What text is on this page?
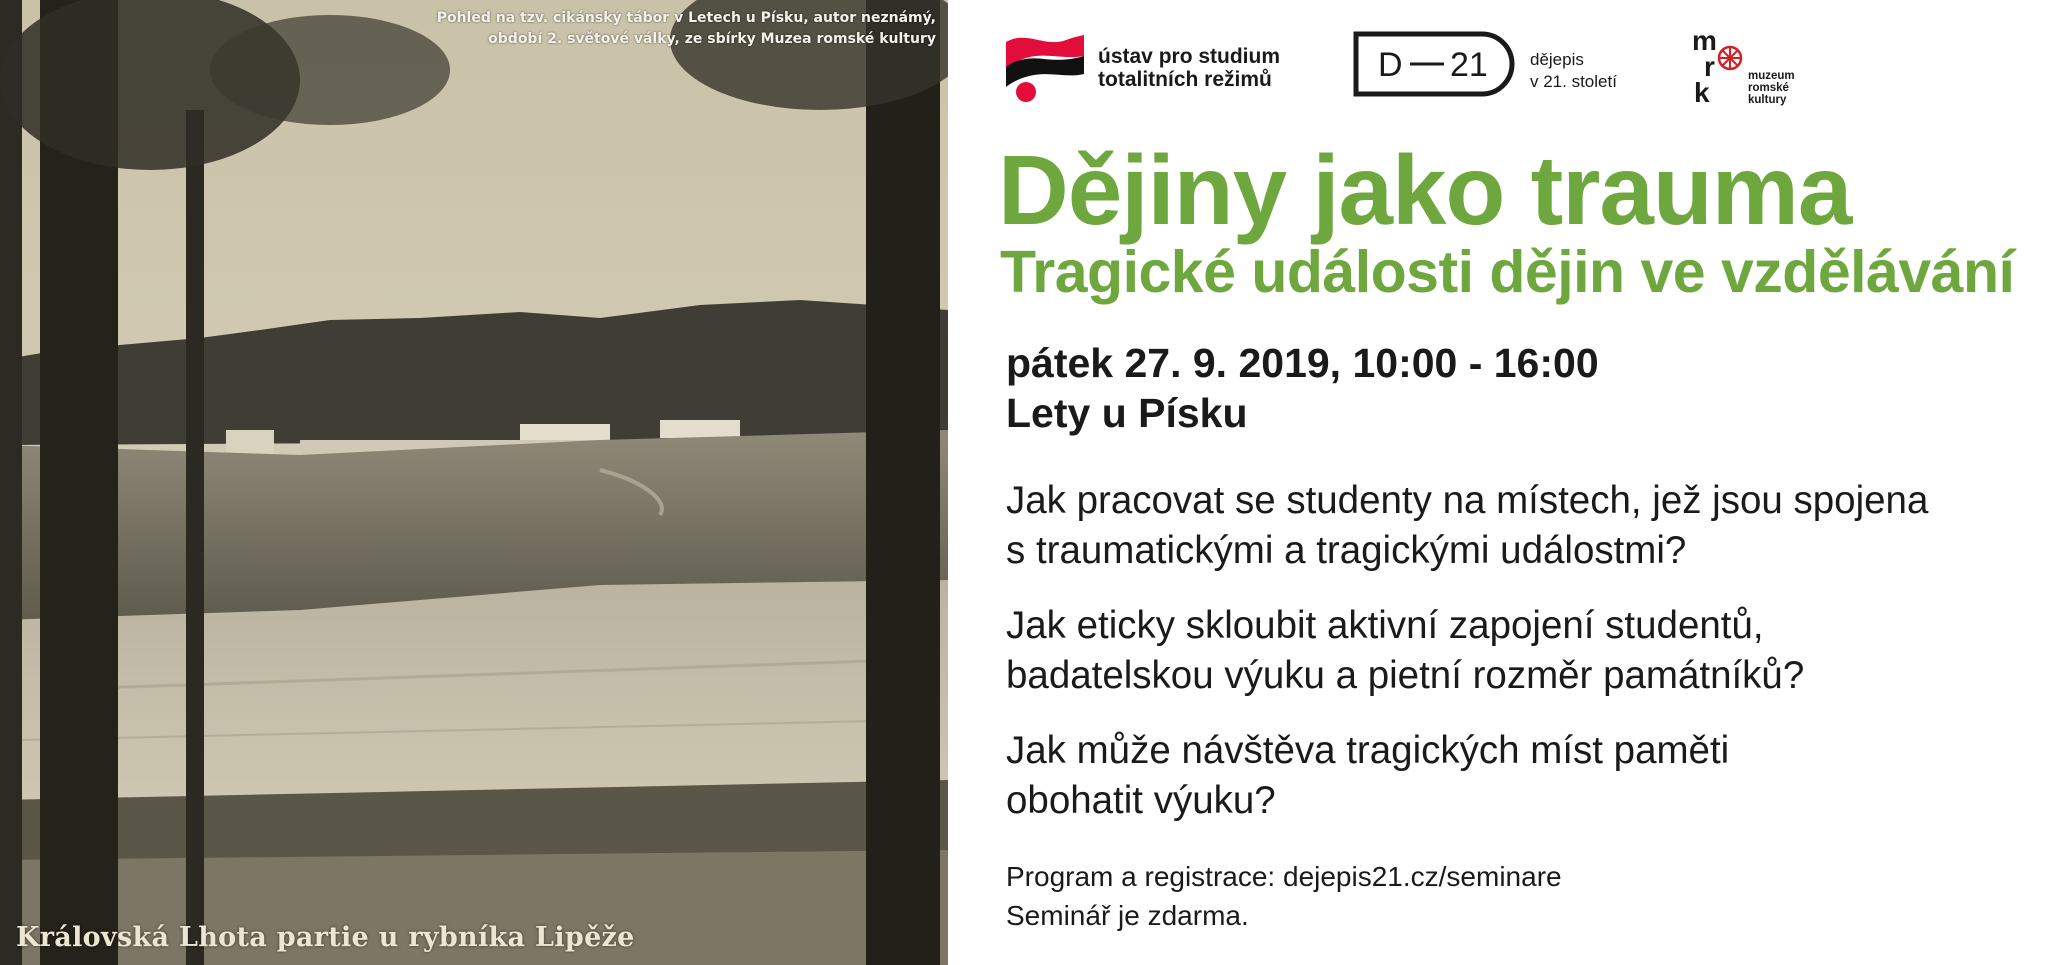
Pohled na tzv. cikánský tábor v Letech u Písku, autor neznámý,
období 2. světové války, ze sbírky Muzea romské kultury
Královská Lhota partie u rybníka Lipěže
ústav pro studium
totalitních režimů	D 21 dějepis
v 21. století
m
r
k
muzeum
romské
kultury
Dějiny jako trauma
Tragické události dějin ve vzdělávání
pátek 27. 9. 2019, 10:00 - 16:00
Lety u Písku

Jak pracovat se studenty na místech, jež jsou spojena
s traumatickými a tragickými událostmi?

Jak eticky skloubit aktivní zapojení studentů,
badatelskou výuku a pietní rozměr památníků?

Jak může návštěva tragických míst paměti
obohatit výuku?

Program a registrace: dejepis21.cz/seminare
Seminář je zdarma.
